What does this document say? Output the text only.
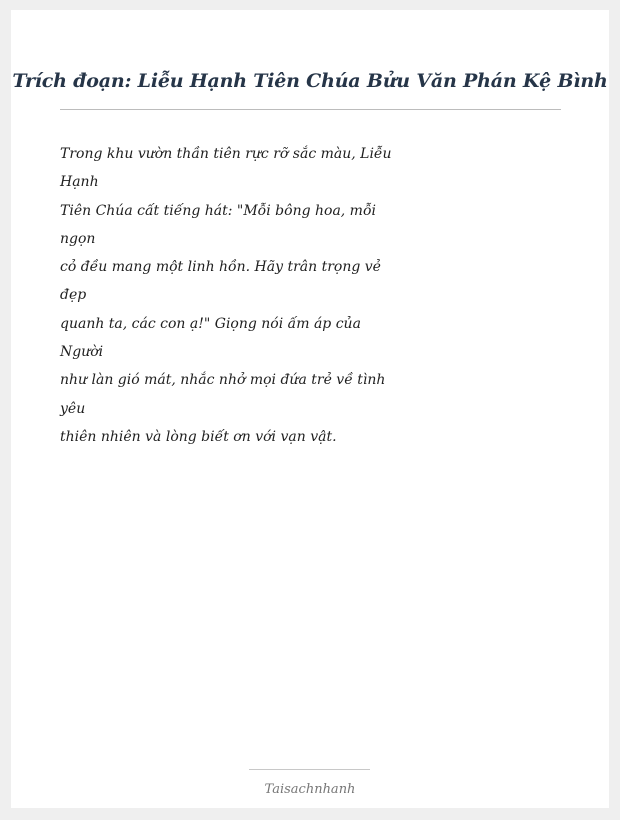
Trích đoạn: Liễu Hạnh Tiên Chúa Bửu Văn Phán Kệ Bình
Trong khu vườn thần tiên rực rỡ sắc màu, Liễu
Hạnh
Tiên Chúa cất tiếng hát: "Mỗi bông hoa, mỗi
ngọn
cỏ đều mang một linh hồn. Hãy trân trọng vẻ
đẹp
quanh ta, các con ạ!" Giọng nói ấm áp của
Người
như làn gió mát, nhắc nhở mọi đứa trẻ về tình
yêu
thiên nhiên và lòng biết ơn với vạn vật.
Taisachnhanh
